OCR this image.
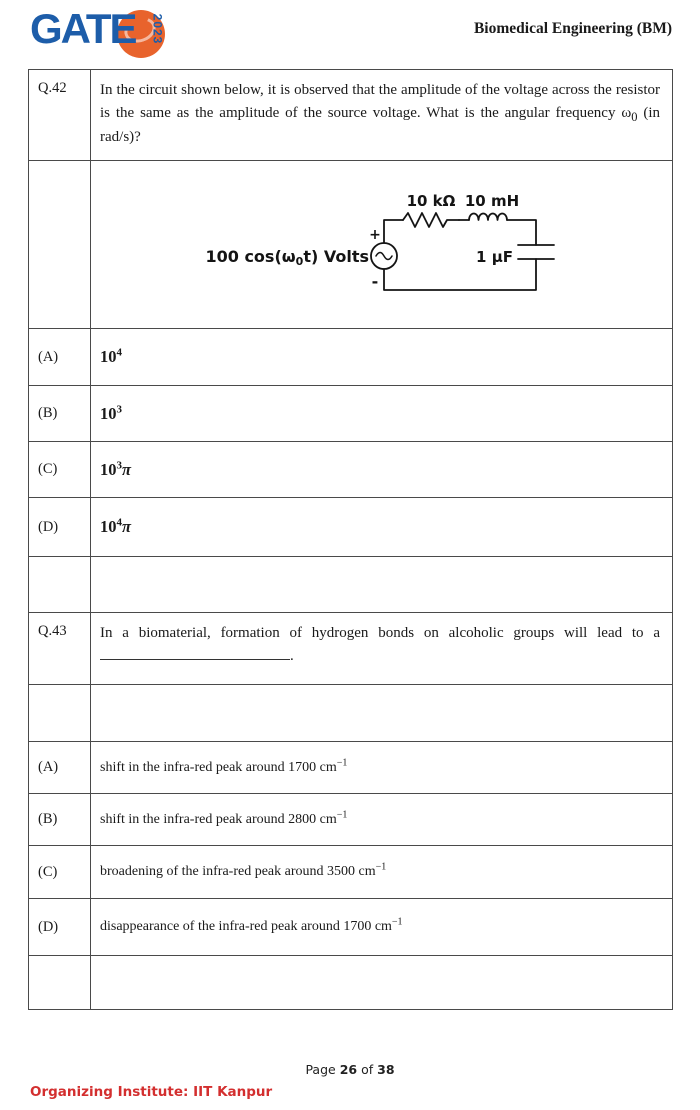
GATE 2023	Biomedical Engineering (BM)
Q.42	In the circuit shown below, it is observed that the amplitude of the voltage across the resistor is the same as the amplitude of the source voltage. What is the angular frequency $\omega_0$ (in rad/s)?
10 kΩ 10 mH
1 μF
+
-
100 cos(ω0t) Volts
(A)	$10^4$
(B)	$10^3$
(C)	$10^3\pi$
(D)	$10^4\pi$
Q.43	In a biomaterial, formation of hydrogen bonds on alcoholic groups will lead to a .
(A)	shift in the infra-red peak around 1700 $cm^{-1}$
(B)	shift in the infra-red peak around 2800 $cm^{-1}$
(C)	broadening of the infra-red peak around 3500 $cm^{-1}$
(D)	disappearance of the infra-red peak around 1700 $cm^{-1}$
Page 26 of 38
Organizing Institute: IIT Kanpur
